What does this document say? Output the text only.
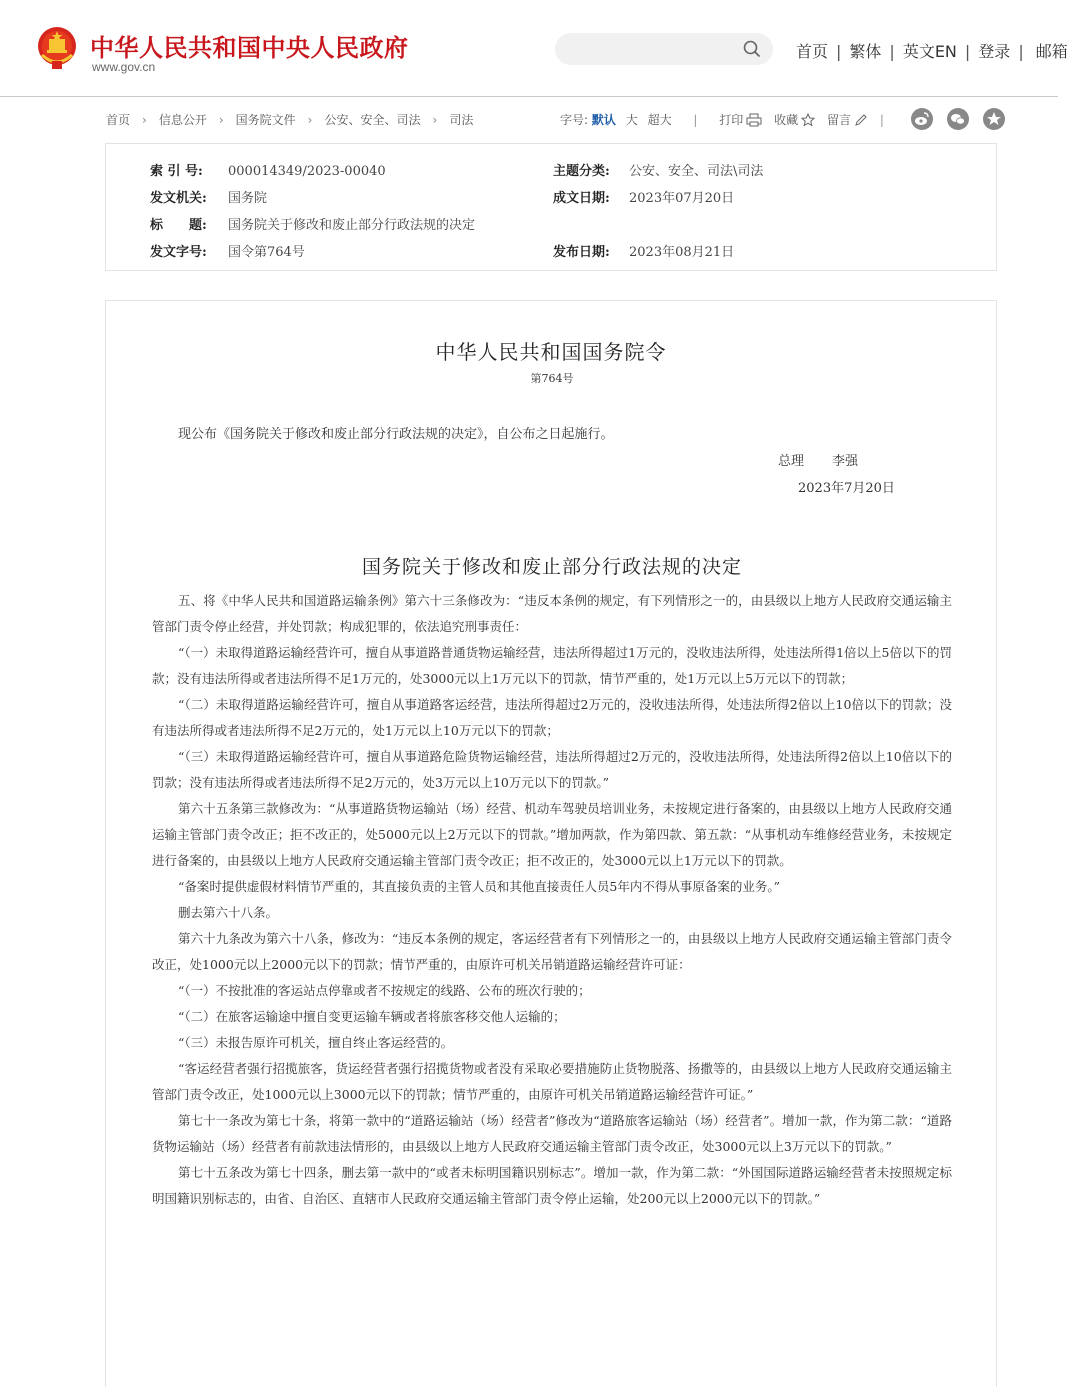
中华人民共和国中央人民政府
www.gov.cn
首页 | 繁体 | 英文EN | 登录 | 邮箱
首页 › 信息公开 › 国务院文件 › 公安、安全、司法 › 司法	字号: 默认 大 超大 | 打印	收藏 留言 |

索 引 号: 000014349/2023-00040	主题分类: 公安、安全、司法\司法
发文机关: 国务院	成文日期: 2023年07月20日
标　　题: 国务院关于修改和废止部分行政法规的决定
发文字号: 国令第764号	发布日期: 2023年08月21日
中华人民共和国国务院令
第764号
现公布《国务院关于修改和废止部分行政法规的决定》，自公布之日起施行。
总理 李强
2023年7月20日
国务院关于修改和废止部分行政法规的决定

五、将《中华人民共和国道路运输条例》第六十三条修改为：“违反本条例的规定，有下列情形之一的，由县级以上地方人民政府交通运输主管部门责令停止经营，并处罚款；构成犯罪的，依法追究刑事责任：

“（一）未取得道路运输经营许可，擅自从事道路普通货物运输经营，违法所得超过1万元的，没收违法所得，处违法所得1倍以上5倍以下的罚款；没有违法所得或者违法所得不足1万元的，处3000元以上1万元以下的罚款，情节严重的，处1万元以上5万元以下的罚款；

“（二）未取得道路运输经营许可，擅自从事道路客运经营，违法所得超过2万元的，没收违法所得，处违法所得2倍以上10倍以下的罚款；没有违法所得或者违法所得不足2万元的，处1万元以上10万元以下的罚款；

“（三）未取得道路运输经营许可，擅自从事道路危险货物运输经营，违法所得超过2万元的，没收违法所得，处违法所得2倍以上10倍以下的罚款；没有违法所得或者违法所得不足2万元的，处3万元以上10万元以下的罚款。”

第六十五条第三款修改为：“从事道路货物运输站（场）经营、机动车驾驶员培训业务，未按规定进行备案的，由县级以上地方人民政府交通运输主管部门责令改正；拒不改正的，处5000元以上2万元以下的罚款。”增加两款，作为第四款、第五款：“从事机动车维修经营业务，未按规定进行备案的，由县级以上地方人民政府交通运输主管部门责令改正；拒不改正的，处3000元以上1万元以下的罚款。

“备案时提供虚假材料情节严重的，其直接负责的主管人员和其他直接责任人员5年内不得从事原备案的业务。”

删去第六十八条。

第六十九条改为第六十八条，修改为：“违反本条例的规定，客运经营者有下列情形之一的，由县级以上地方人民政府交通运输主管部门责令改正，处1000元以上2000元以下的罚款；情节严重的，由原许可机关吊销道路运输经营许可证：

“（一）不按批准的客运站点停靠或者不按规定的线路、公布的班次行驶的；

“（二）在旅客运输途中擅自变更运输车辆或者将旅客移交他人运输的；

“（三）未报告原许可机关，擅自终止客运经营的。

“客运经营者强行招揽旅客，货运经营者强行招揽货物或者没有采取必要措施防止货物脱落、扬撒等的，由县级以上地方人民政府交通运输主管部门责令改正，处1000元以上3000元以下的罚款；情节严重的，由原许可机关吊销道路运输经营许可证。”

第七十一条改为第七十条，将第一款中的“道路运输站（场）经营者”修改为“道路旅客运输站（场）经营者”。增加一款，作为第二款：“道路货物运输站（场）经营者有前款违法情形的，由县级以上地方人民政府交通运输主管部门责令改正，处3000元以上3万元以下的罚款。”

第七十五条改为第七十四条，删去第一款中的“或者未标明国籍识别标志”。增加一款，作为第二款：“外国国际道路运输经营者未按照规定标明国籍识别标志的，由省、自治区、直辖市人民政府交通运输主管部门责令停止运输，处200元以上2000元以下的罚款。”
